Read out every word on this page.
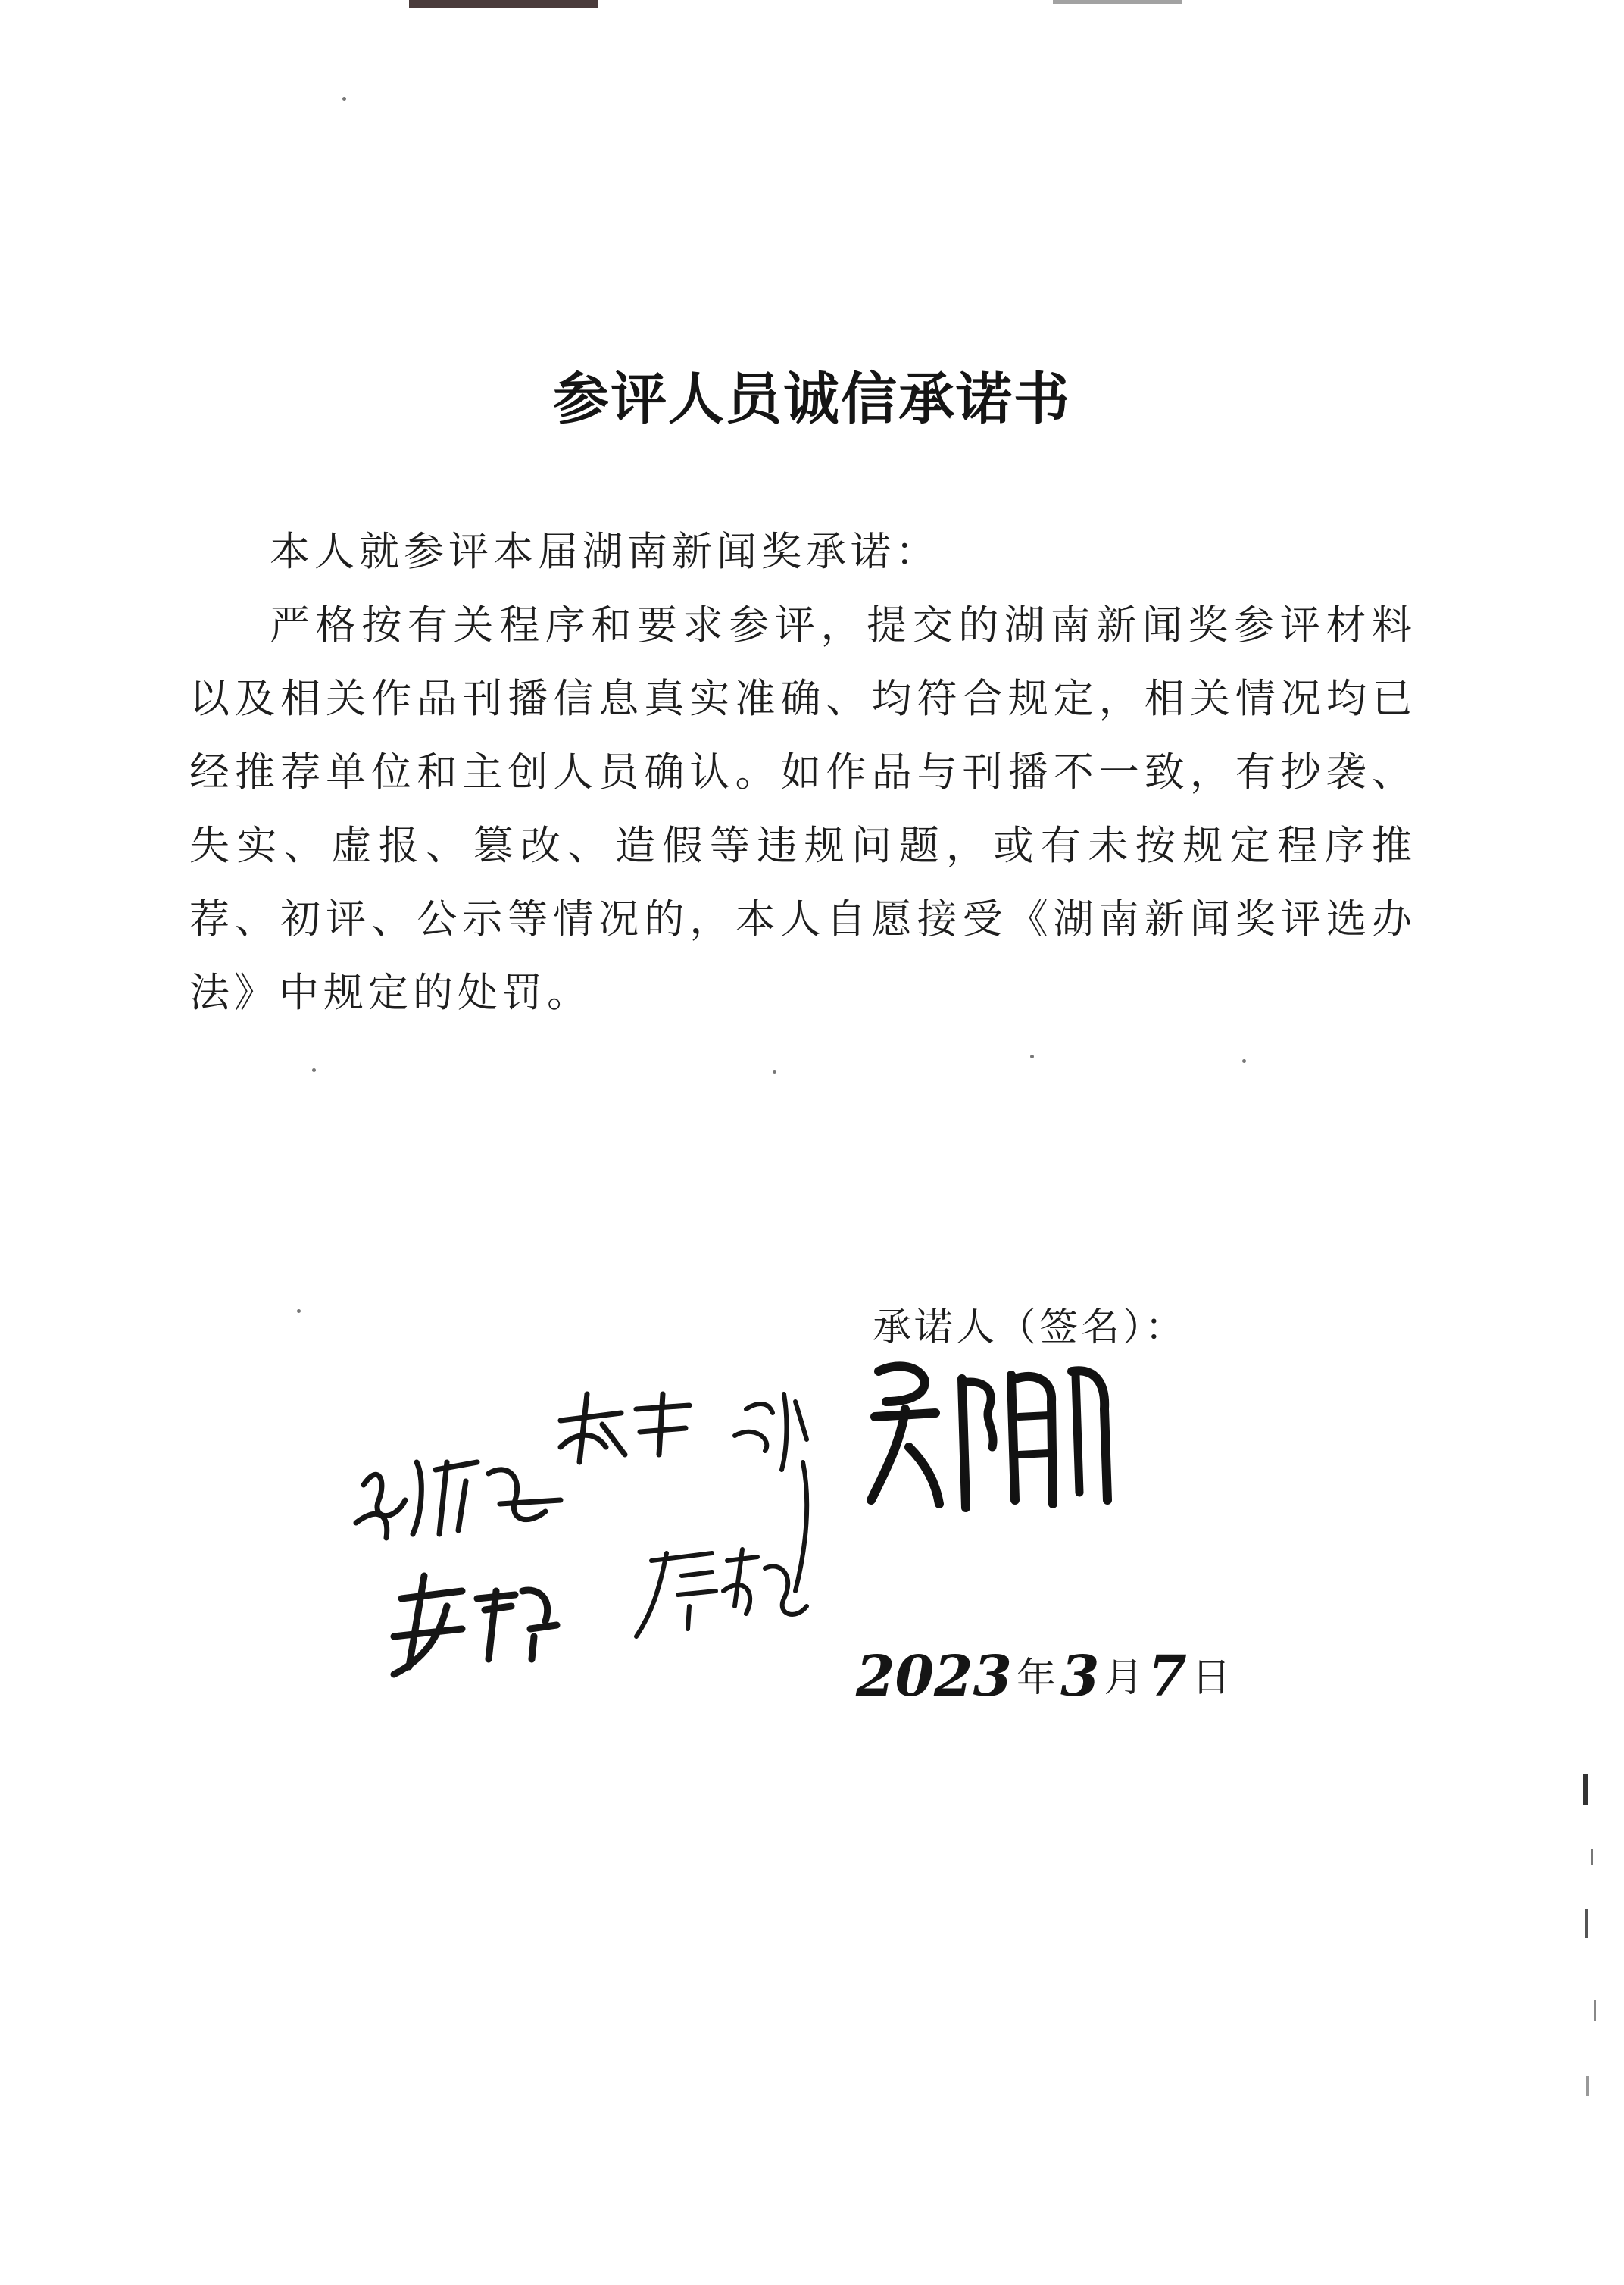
参评人员诚信承诺书

本人就参评本届湖南新闻奖承诺：

严格按有关程序和要求参评，提交的湖南新闻奖参评材料以及相关作品刊播信息真实准确、均符合规定，相关情况均已经推荐单位和主创人员确认。如作品与刊播不一致，有抄袭、失实、虚报、篡改、造假等违规问题，或有未按规定程序推荐、初评、公示等情况的，本人自愿接受《湖南新闻奖评选办法》中规定的处罚。

承诺人（签名）：
2023 年 3 月 7 日
